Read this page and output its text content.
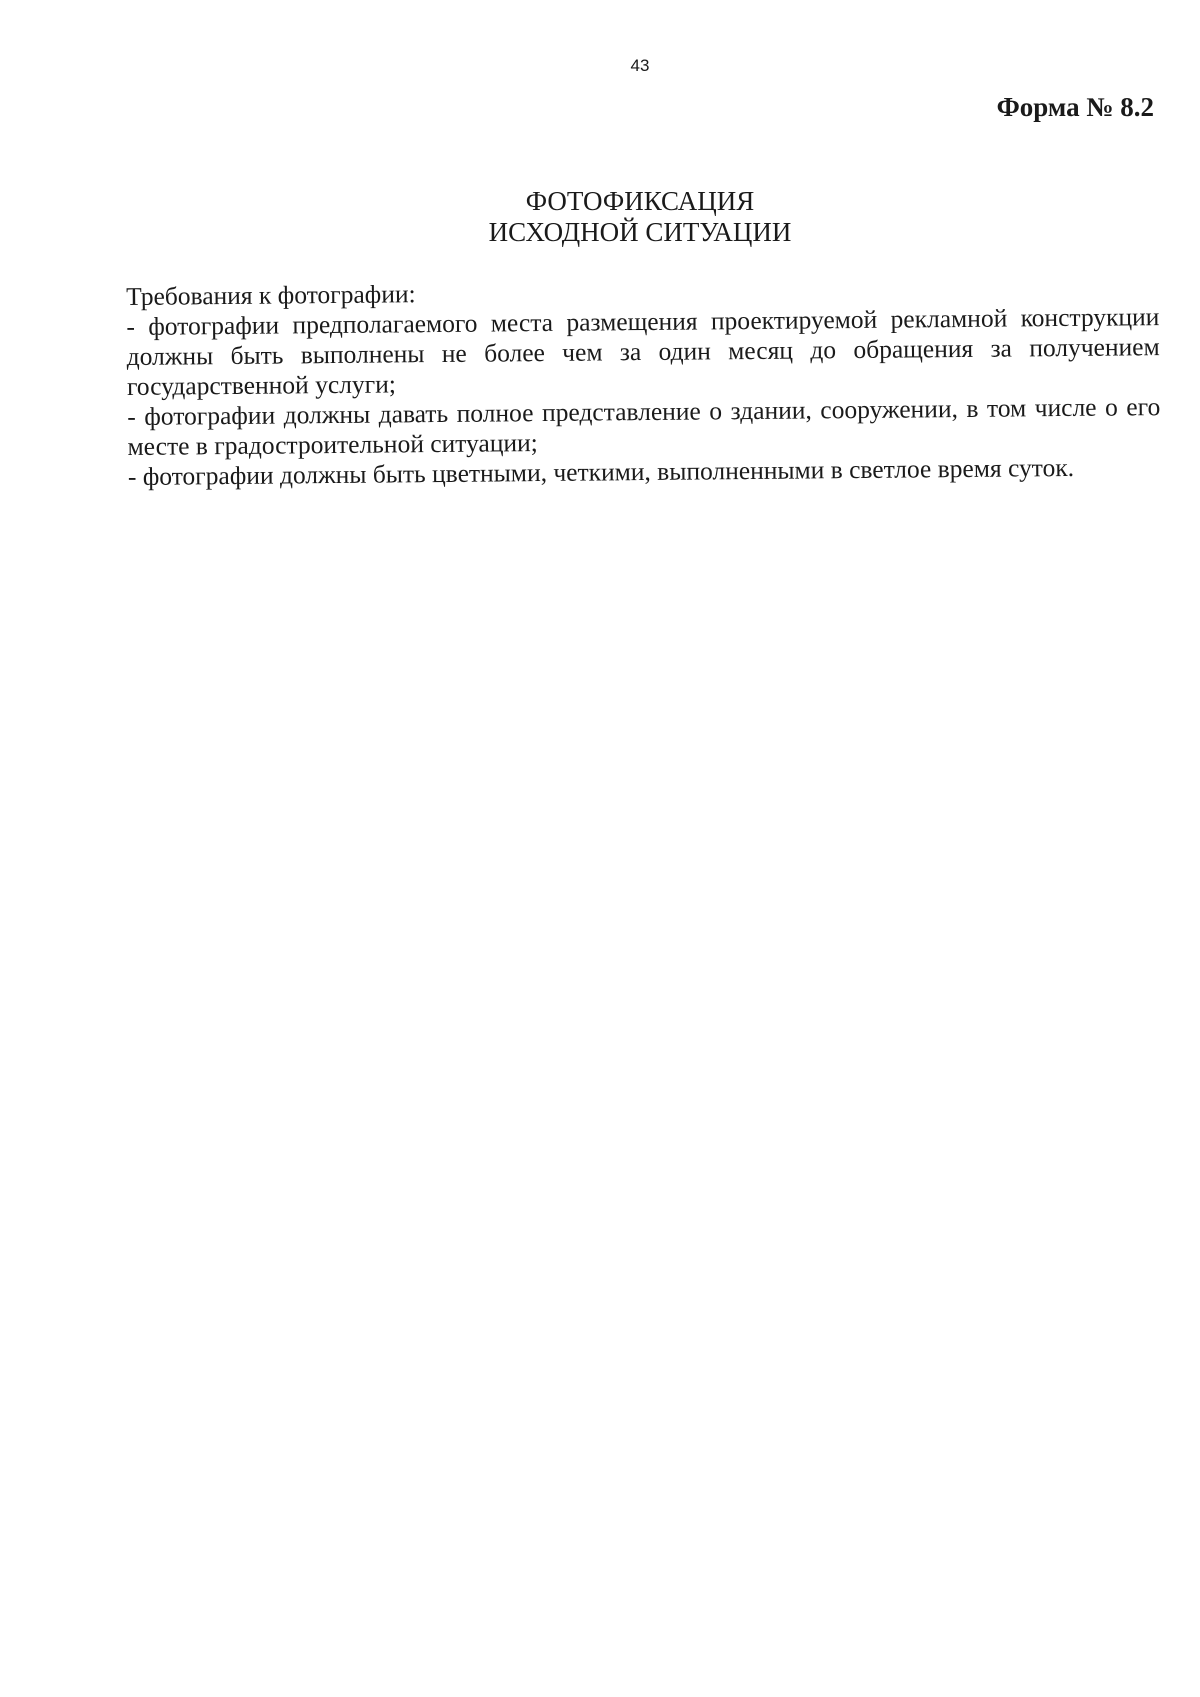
43
Форма № 8.2
ФОТОФИКСАЦИЯ
ИСХОДНОЙ СИТУАЦИИ

Требования к фотографии:

- фотографии предполагаемого места размещения проектируемой рекламной конструкции должны быть выполнены не более чем за один месяц до обращения за получением государственной услуги;

- фотографии должны давать полное представление о здании, сооружении, в том числе о его месте в градостроительной ситуации;

- фотографии должны быть цветными, четкими, выполненными в светлое время суток.
